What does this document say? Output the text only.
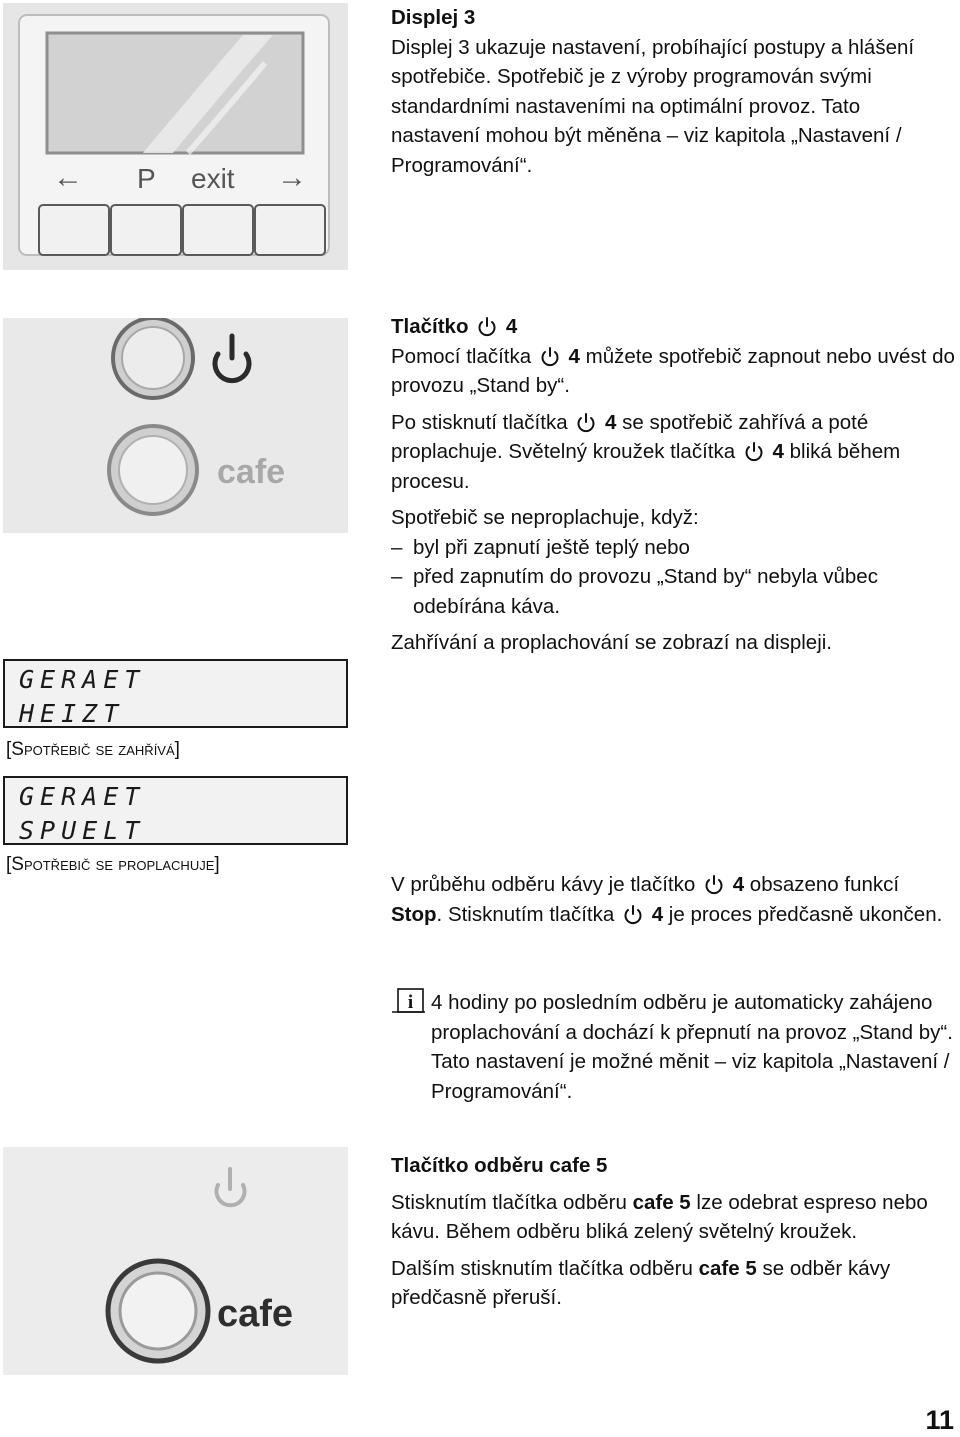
← P exit →
Displej 3

Displej 3 ukazuje nastavení, probíhající postupy a hlášení spotřebiče. Spotřebič je z výroby programován svými standardními nastaveními na optimální provoz. Tato nastavení mohou být měněna – viz kapitola „Nastavení / Programování“.

cafe
Tlačítko 4

Pomocí tlačítka 4 můžete spotřebič zapnout nebo uvést do provozu „Stand by“.

Po stisknutí tlačítka 4 se spotřebič zahřívá a poté proplachuje. Světelný kroužek tlačítka 4 bliká během procesu.

Spotřebič se neproplachuje, když:

– byl při zapnutí ještě teplý nebo
– před zapnutím do provozu „Stand by“ nebyla vůbec odebírána káva.

Zahřívání a proplachování se zobrazí na displeji.

GERAET
HEIZT
[Spotřebič se zahřívá]
GERAET
SPUELT
[Spotřebič se proplachuje]

V průběhu odběru kávy je tlačítko 4 obsazeno funkcí Stop. Stisknutím tlačítka 4 je proces předčasně ukončen.

i 4 hodiny po posledním odběru je automaticky zahájeno proplachování a dochází k přepnutí na provoz „Stand by“. Tato nastavení je možné měnit – viz kapitola „Nastavení / Programování“.
cafe
Tlačítko odběru cafe 5

Stisknutím tlačítka odběru cafe 5 lze odebrat espreso nebo kávu. Během odběru bliká zelený světelný kroužek.

Dalším stisknutím tlačítka odběru cafe 5 se odběr kávy předčasně přeruší.

11
